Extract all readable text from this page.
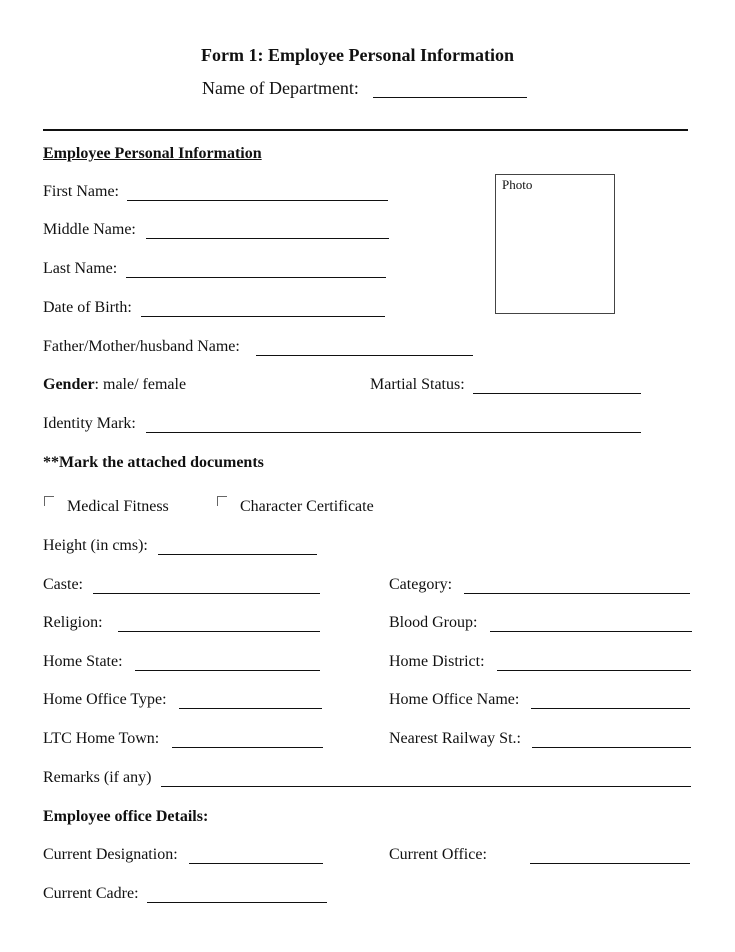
Form 1: Employee Personal Information
Name of Department:
Employee Personal Information
Photo
First Name:
Middle Name:
Last Name:
Date of Birth:
Father/Mother/husband Name:
Gender: male/ female	Martial Status:
Identity Mark:
**Mark the attached documents
Medical Fitness	Character Certificate
Height (in cms):
Caste:	Category:
Religion:	Blood Group:
Home State:	Home District:
Home Office Type:	Home Office Name:
LTC Home Town:	Nearest Railway St.:
Remarks (if any)
Employee office Details:
Current Designation:	Current Office:
Current Cadre:
